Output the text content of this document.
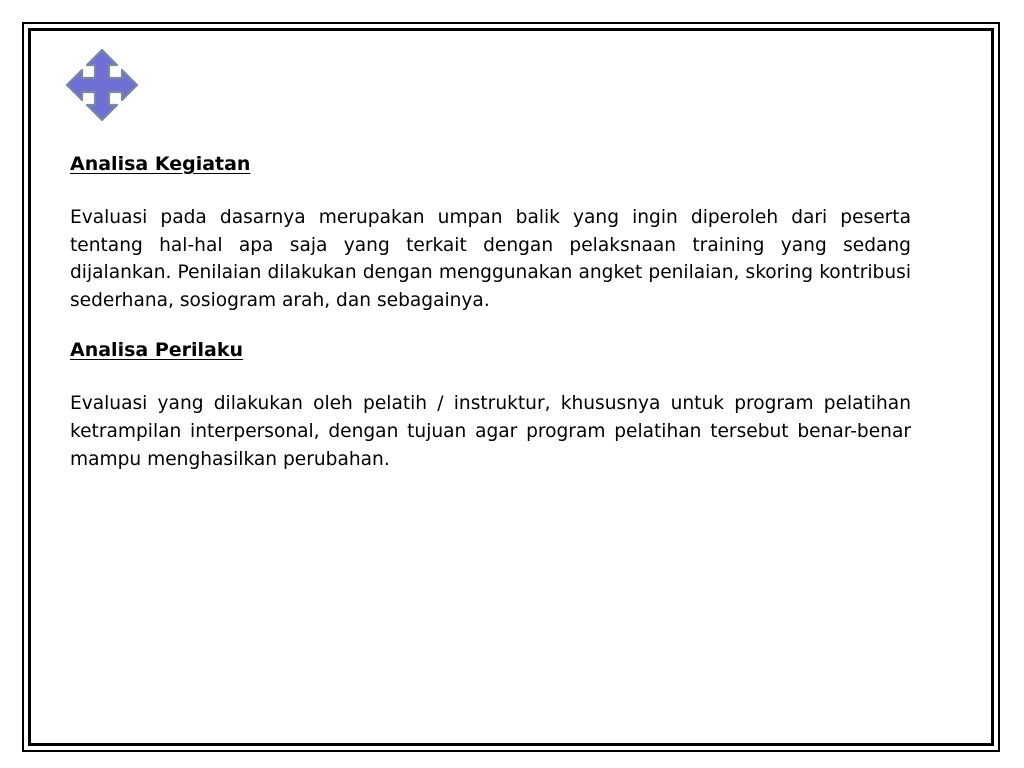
Analisa Kegiatan

Evaluasi pada dasarnya merupakan umpan balik yang ingin diperoleh dari peserta tentang hal-hal apa saja yang terkait dengan pelaksnaan training yang sedang dijalankan. Penilaian dilakukan dengan menggunakan angket penilaian, skoring kontribusi sederhana, sosiogram arah, dan sebagainya.

Analisa Perilaku

Evaluasi yang dilakukan oleh pelatih / instruktur, khususnya untuk program pelatihan ketrampilan interpersonal, dengan tujuan agar program pelatihan tersebut benar-benar mampu menghasilkan perubahan.
